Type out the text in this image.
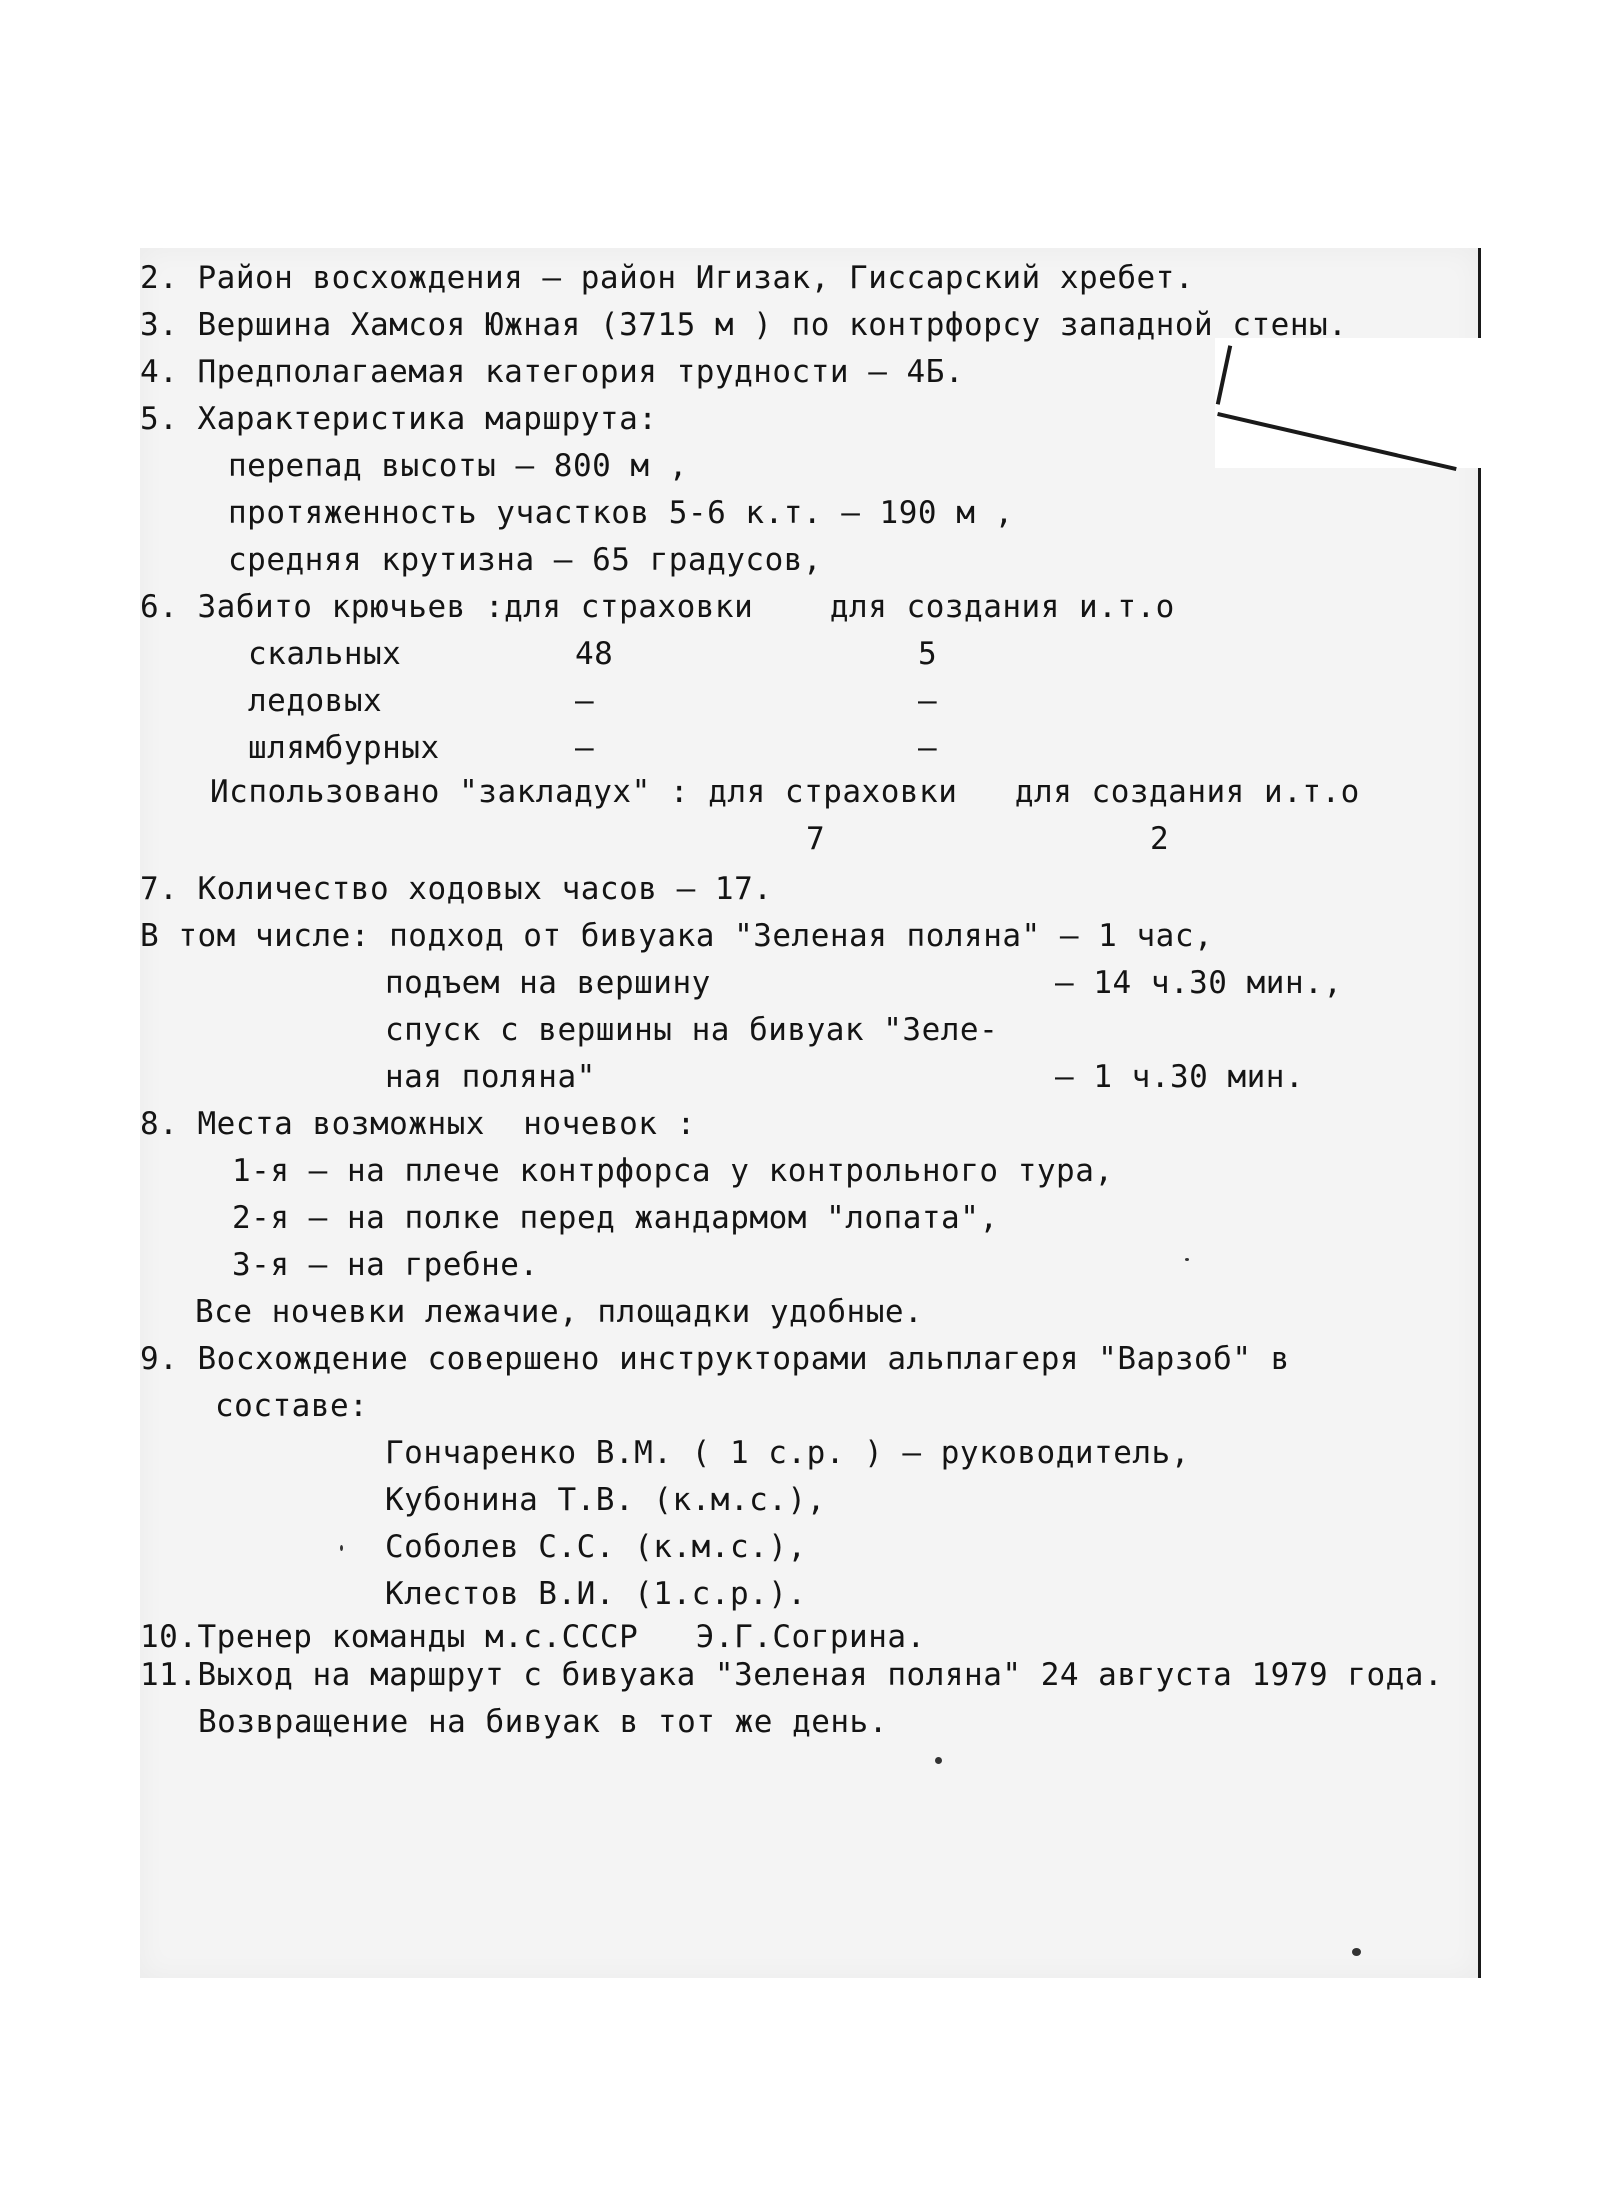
2. Район восхождения – район Игизак, Гиссарский хребет.
3. Вершина Хамсоя Южная (3715 м ) по контрфорсу западной стены.
4. Предполагаемая категория трудности – 4Б.
5. Характеристика маршрута:
перепад высоты – 800 м ,
протяженность участков 5-6 к.т. – 190 м ,
средняя крутизна – 65 градусов,
6. Забито крючьев :для страховки    для создания и.т.о
скальных	48	5
ледовых	–	–
шлямбурных	–	–
Использовано "закладух" : для страховки   для создания и.т.о
7	2
7. Количество ходовых часов – 17.
В том числе: подход от бивуака "Зеленая поляна" – 1 час,
подъем на вершину	– 14 ч.30 мин.,
спуск с вершины на бивуак "Зеле-
ная поляна"	– 1 ч.30 мин.
8. Места возможных  ночевок :
1-я – на плече контрфорса у контрольного тура,
2-я – на полке перед жандармом "лопата",
3-я – на гребне.
Все ночевки лежачие, площадки удобные.
9. Восхождение совершено инструкторами альплагеря "Варзоб" в
составе:
Гончаренко В.М. ( 1 с.р. ) – руководитель,
Кубонина Т.В. (к.м.с.),
Соболев С.С. (к.м.с.),
Клестов В.И. (1.с.р.).
10.Тренер команды м.с.СССР   Э.Г.Согрина.
11.Выход на маршрут с бивуака "Зеленая поляна" 24 августа 1979 года.
Возвращение на бивуак в тот же день.
